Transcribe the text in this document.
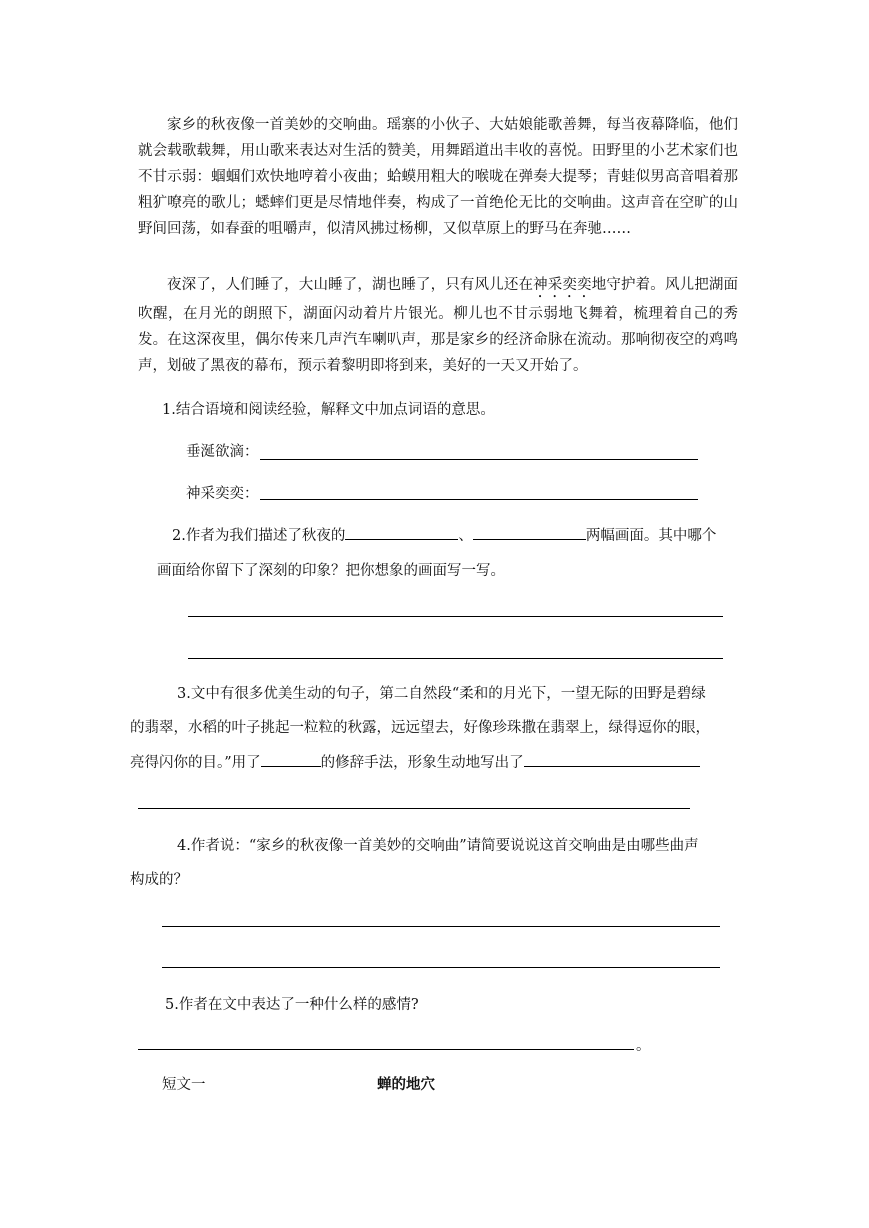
家乡的秋夜像一首美妙的交响曲。瑶寨的小伙子、大姑娘能歌善舞，每当夜幕降临，他们就会载歌载舞，用山歌来表达对生活的赞美，用舞蹈道出丰收的喜悦。田野里的小艺术家们也不甘示弱：蝈蝈们欢快地哼着小夜曲；蛤蟆用粗大的喉咙在弹奏大提琴；青蛙似男高音唱着那粗犷嘹亮的歌儿；蟋蟀们更是尽情地伴奏，构成了一首绝伦无比的交响曲。这声音在空旷的山野间回荡，如春蚕的咀嚼声，似清风拂过杨柳，又似草原上的野马在奔驰……

夜深了，人们睡了，大山睡了，湖也睡了，只有风儿还在神采奕奕地守护着。风儿把湖面吹醒，在月光的朗照下，湖面闪动着片片银光。柳儿也不甘示弱地飞舞着，梳理着自己的秀发。在这深夜里，偶尔传来几声汽车喇叭声，那是家乡的经济命脉在流动。那响彻夜空的鸡鸣声，划破了黑夜的幕布，预示着黎明即将到来，美好的一天又开始了。

1.结合语境和阅读经验，解释文中加点词语的意思。
垂涎欲滴：
神采奕奕：
2.作者为我们描述了秋夜的	、	两幅画面。其中哪个
画面给你留下了深刻的印象？把你想象的画面写一写。
3.文中有很多优美生动的句子，第二自然段“柔和的月光下，一望无际的田野是碧绿
的翡翠，水稻的叶子挑起一粒粒的秋露，远远望去，好像珍珠撒在翡翠上，绿得逗你的眼，
亮得闪你的目。”用了	的修辞手法，形象生动地写出了
4.作者说：“家乡的秋夜像一首美妙的交响曲”请简要说说这首交响曲是由哪些曲声
构成的？
5.作者在文中表达了一种什么样的感情?
。
短文一	蝉的地穴
